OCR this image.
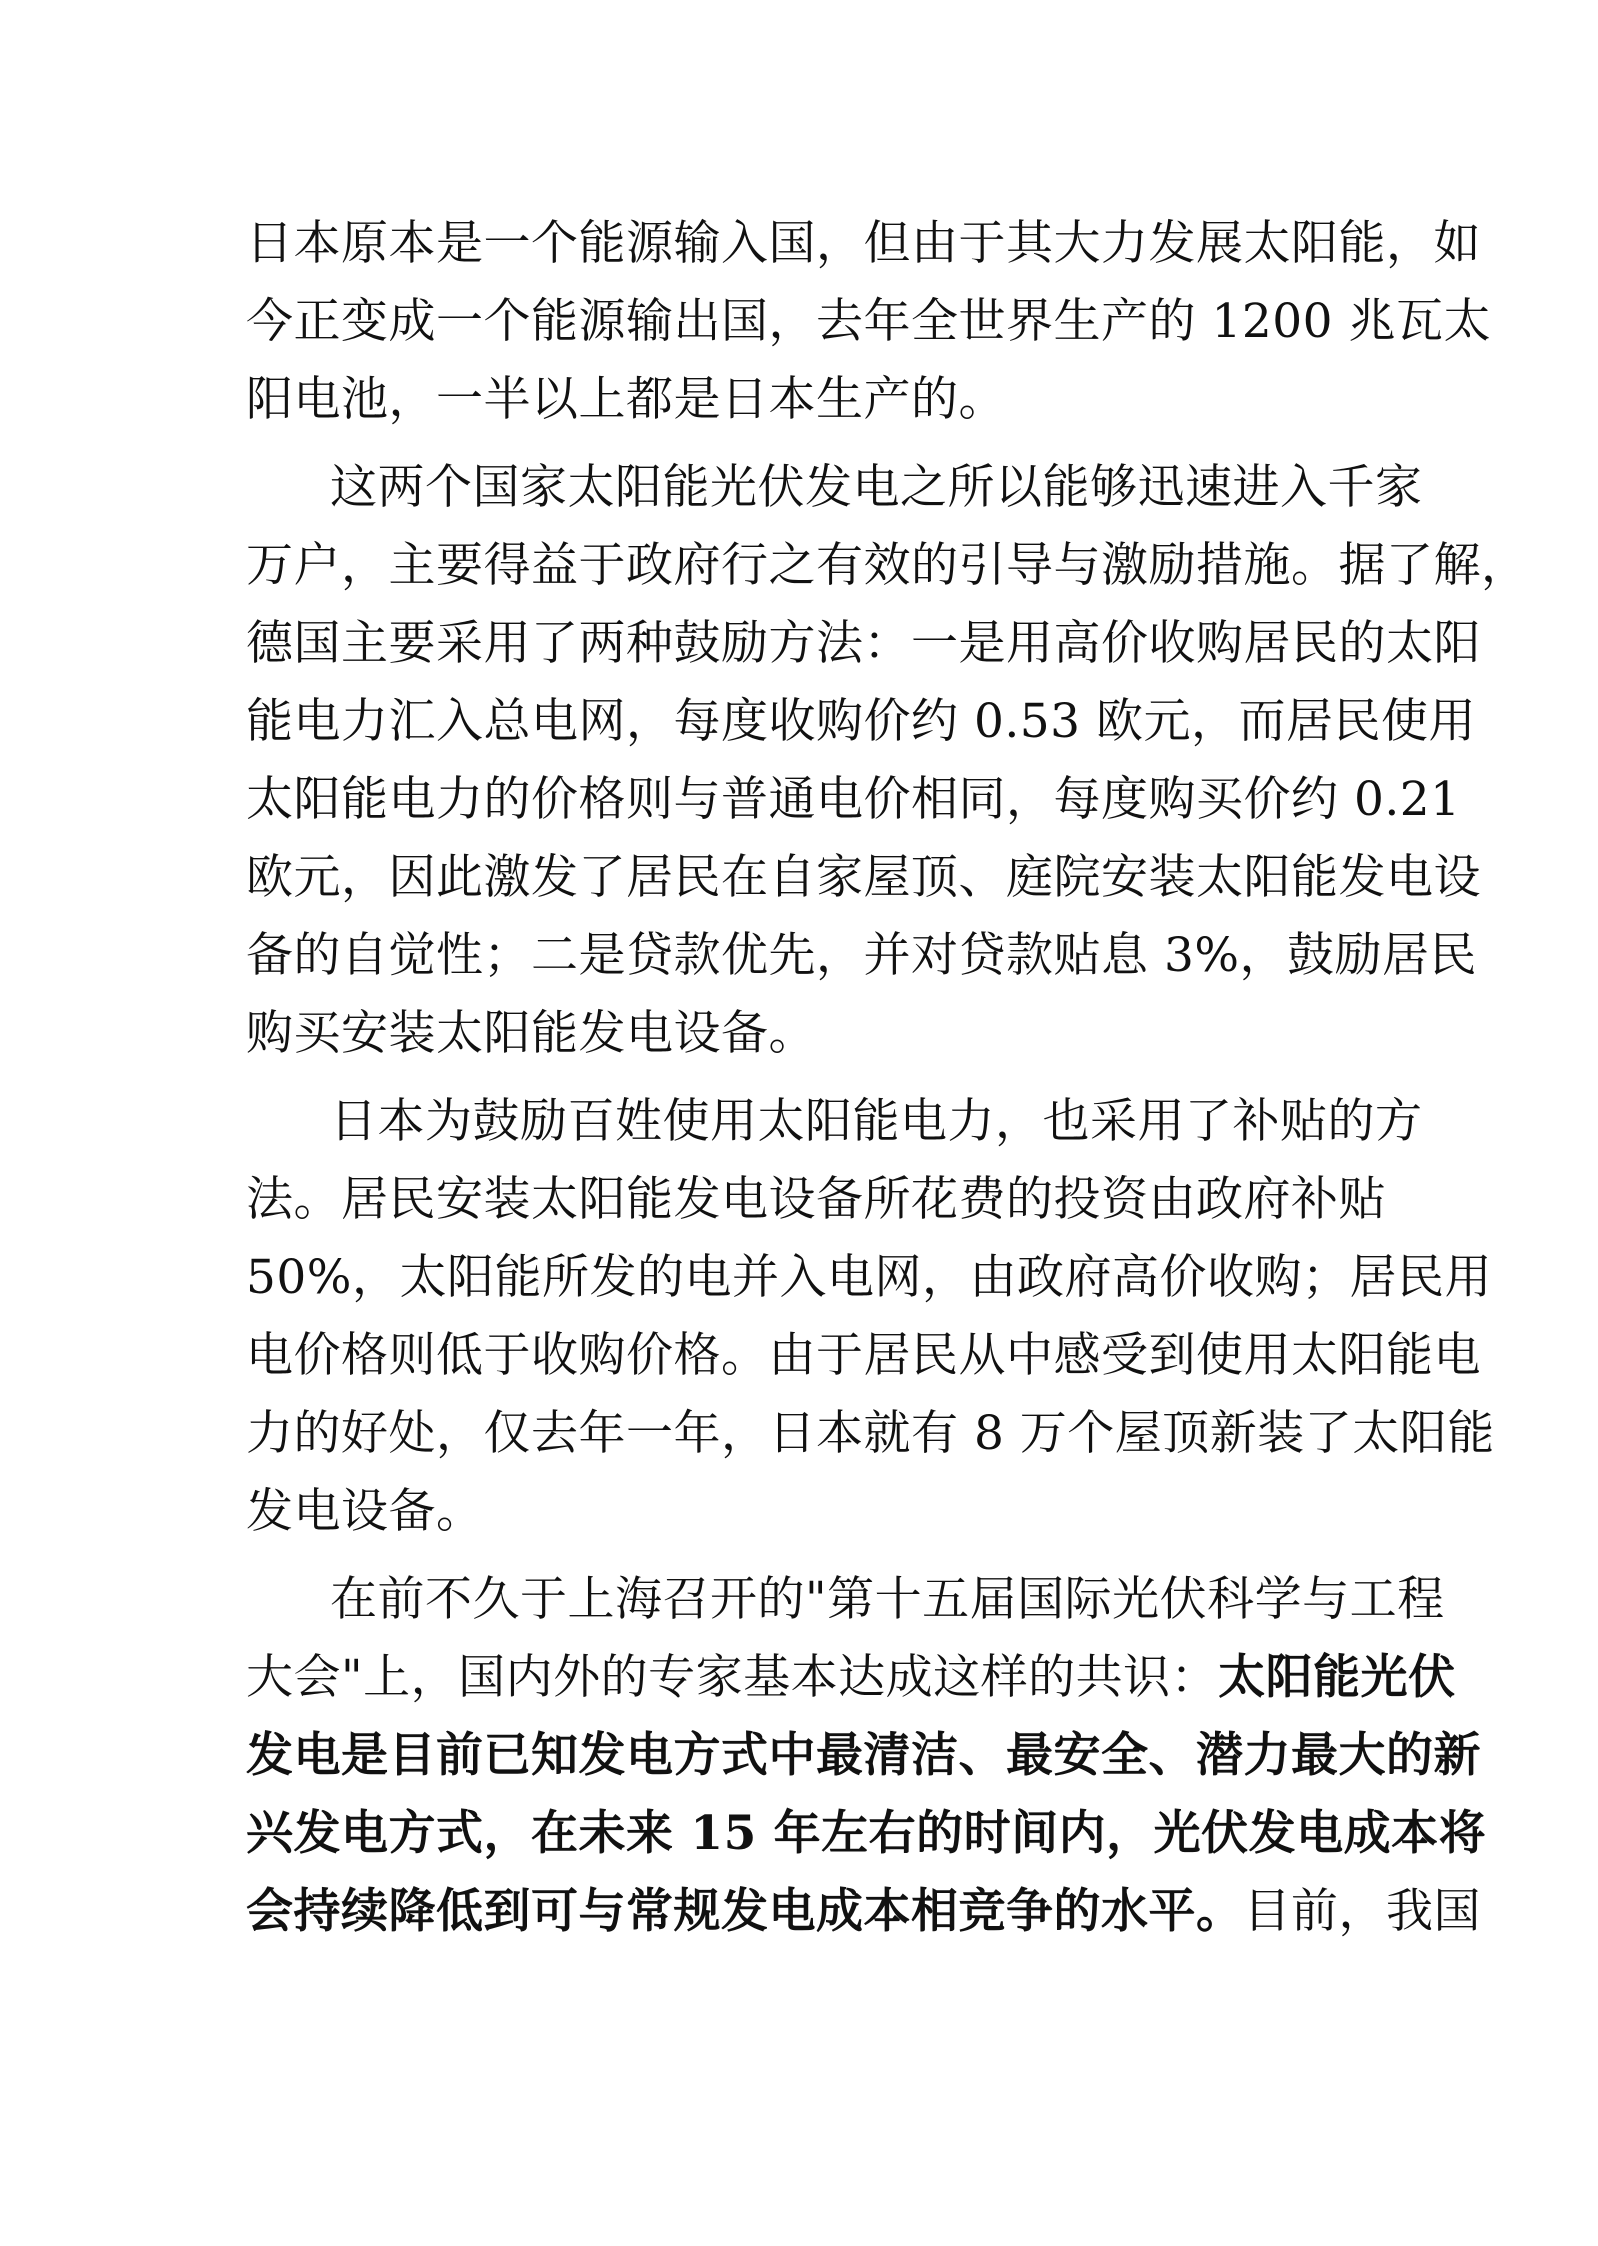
日本原本是一个能源输入国，但由于其大力发展太阳能，如
今正变成一个能源输出国，去年全世界生产的 1200 兆瓦太
阳电池，一半以上都是日本生产的。
这两个国家太阳能光伏发电之所以能够迅速进入千家
万户，主要得益于政府行之有效的引导与激励措施。据了解，
德国主要采用了两种鼓励方法：一是用高价收购居民的太阳
能电力汇入总电网，每度收购价约 0.53 欧元，而居民使用
太阳能电力的价格则与普通电价相同，每度购买价约 0.21
欧元，因此激发了居民在自家屋顶、庭院安装太阳能发电设
备的自觉性；二是贷款优先，并对贷款贴息 3%，鼓励居民
购买安装太阳能发电设备。
日本为鼓励百姓使用太阳能电力，也采用了补贴的方
法。居民安装太阳能发电设备所花费的投资由政府补贴
50%，太阳能所发的电并入电网，由政府高价收购；居民用
电价格则低于收购价格。由于居民从中感受到使用太阳能电
力的好处，仅去年一年，日本就有 8 万个屋顶新装了太阳能
发电设备。
在前不久于上海召开的"第十五届国际光伏科学与工程
大会"上，国内外的专家基本达成这样的共识：太阳能光伏
发电是目前已知发电方式中最清洁、最安全、潜力最大的新
兴发电方式，在未来 15 年左右的时间内，光伏发电成本将
会持续降低到可与常规发电成本相竞争的水平。目前，我国
